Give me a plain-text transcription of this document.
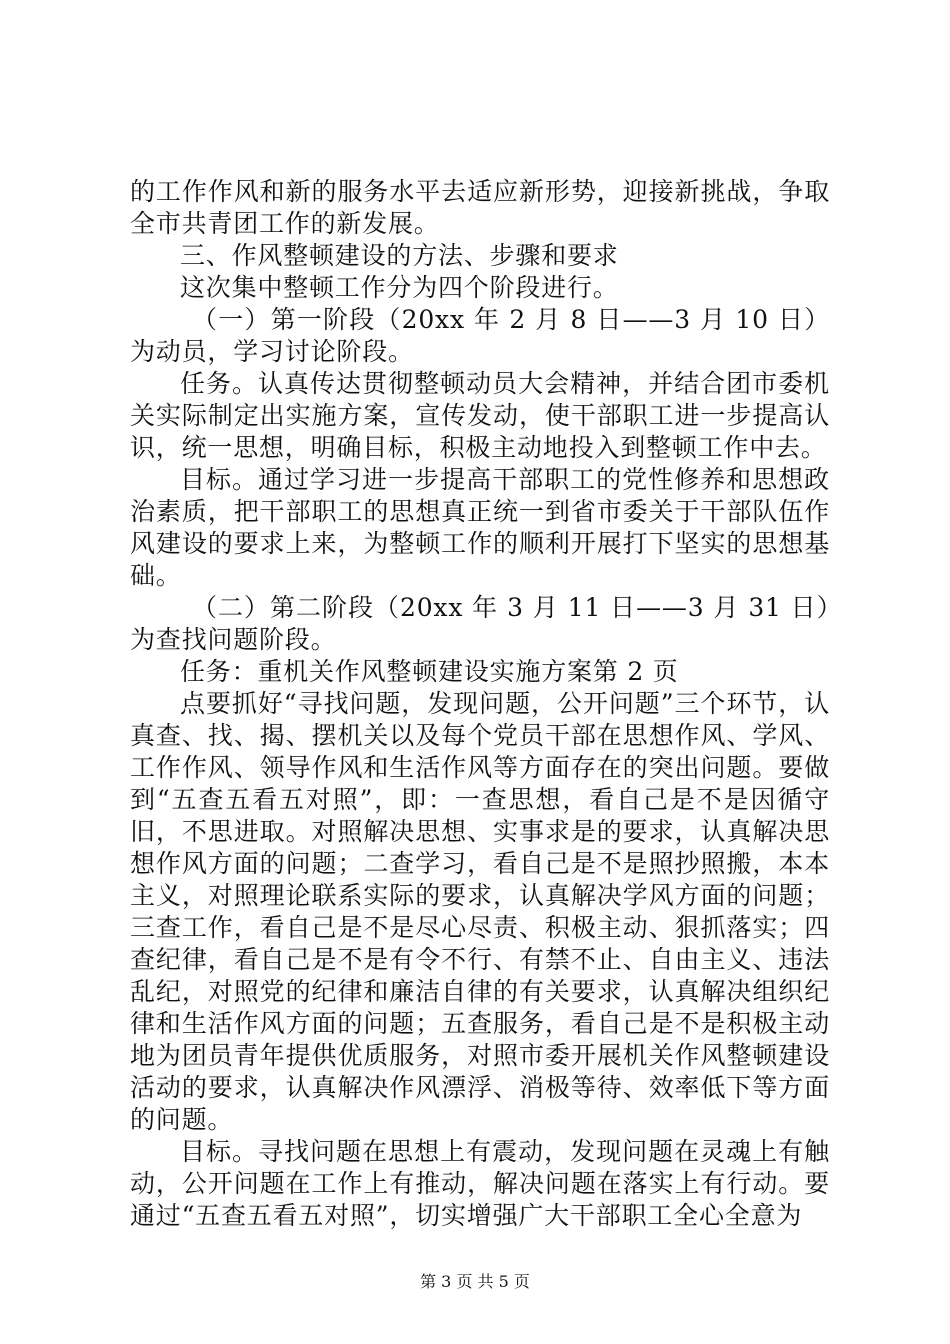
的工作作风和新的服务水平去适应新形势，迎接新挑战，争取全市共青团工作的新发展。

三、作风整顿建设的方法、步骤和要求

这次集中整顿工作分为四个阶段进行。

（一）第一阶段（20xx 年 2 月 8 日——3 月 10 日）为动员，学习讨论阶段。

任务。认真传达贯彻整顿动员大会精神，并结合团市委机关实际制定出实施方案，宣传发动，使干部职工进一步提高认识，统一思想，明确目标，积极主动地投入到整顿工作中去。

目标。通过学习进一步提高干部职工的党性修养和思想政治素质，把干部职工的思想真正统一到省市委关于干部队伍作风建设的要求上来，为整顿工作的顺利开展打下坚实的思想基础。

（二）第二阶段（20xx 年 3 月 11 日——3 月 31 日）为查找问题阶段。

任务：重机关作风整顿建设实施方案第 2 页

点要抓好“寻找问题，发现问题，公开问题”三个环节，认真查、找、揭、摆机关以及每个党员干部在思想作风、学风、工作作风、领导作风和生活作风等方面存在的突出问题。要做到“五查五看五对照”，即：一查思想，看自己是不是因循守旧，不思进取。对照解决思想、实事求是的要求，认真解决思想作风方面的问题；二查学习，看自己是不是照抄照搬，本本主义，对照理论联系实际的要求，认真解决学风方面的问题；三查工作，看自己是不是尽心尽责、积极主动、狠抓落实；四查纪律，看自己是不是有令不行、有禁不止、自由主义、违法乱纪，对照党的纪律和廉洁自律的有关要求，认真解决组织纪律和生活作风方面的问题；五查服务，看自己是不是积极主动地为团员青年提供优质服务，对照市委开展机关作风整顿建设活动的要求，认真解决作风漂浮、消极等待、效率低下等方面的问题。

目标。寻找问题在思想上有震动，发现问题在灵魂上有触动，公开问题在工作上有推动，解决问题在落实上有行动。要通过“五查五看五对照”，切实增强广大干部职工全心全意为

第 3 页 共 5 页
